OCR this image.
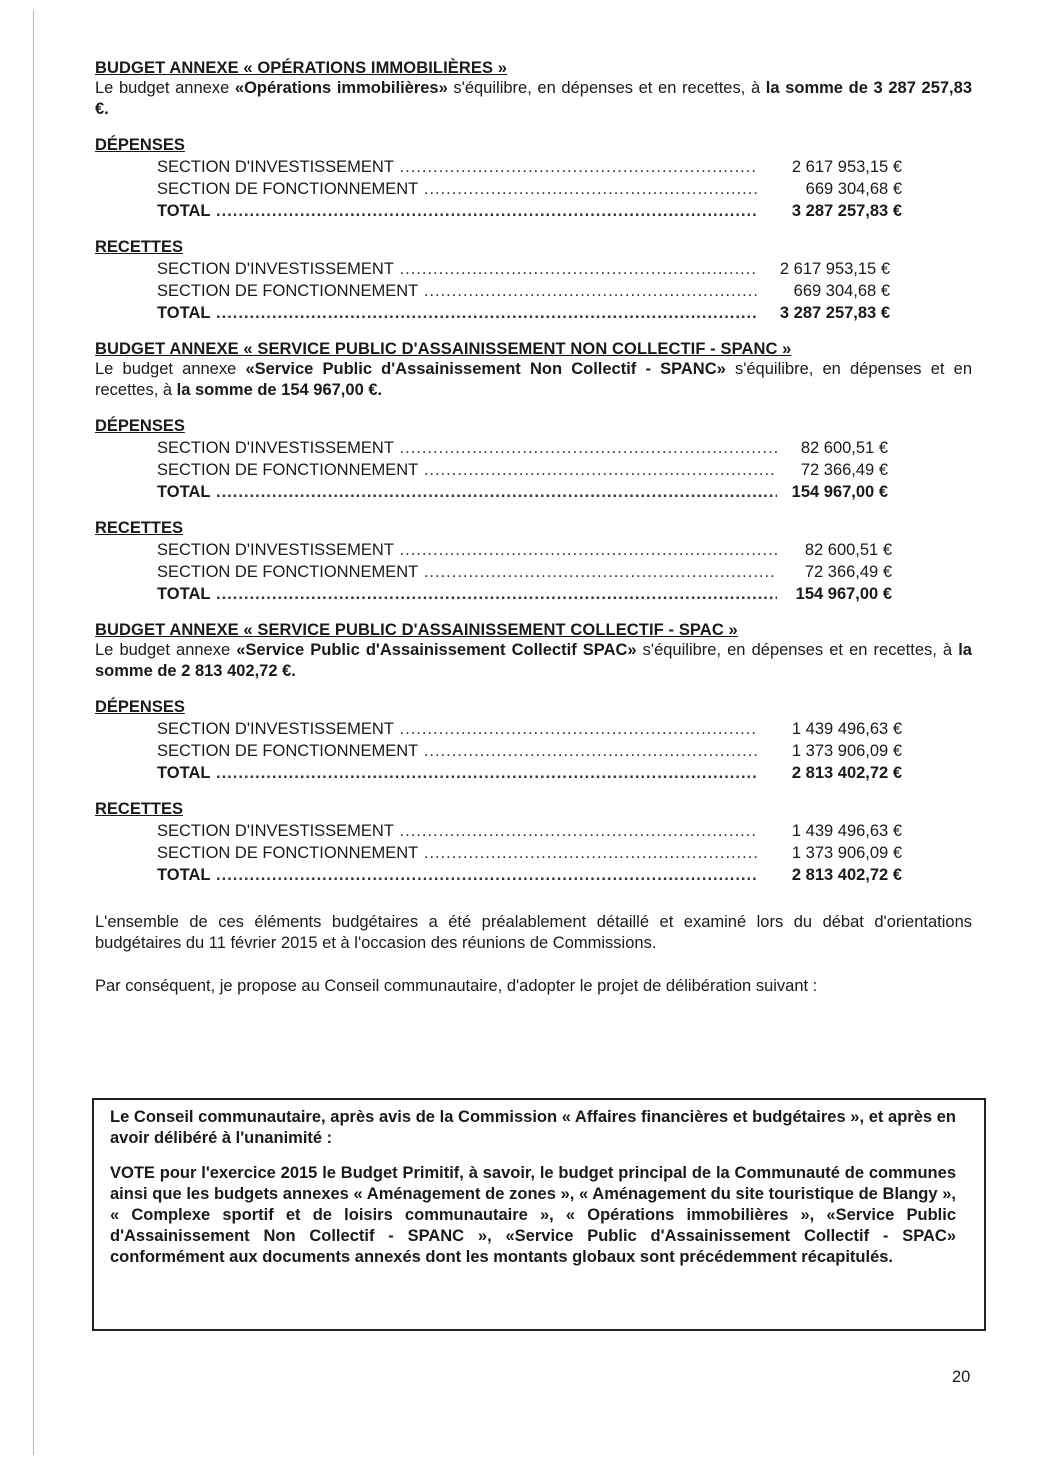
BUDGET ANNEXE « OPÉRATIONS IMMOBILIÈRES »

Le budget annexe «Opérations immobilières» s'équilibre, en dépenses et en recettes, à la somme de 3 287 257,83 €.

DÉPENSES

SECTION D'INVESTISSEMENT .....	2 617 953,15 €
SECTION DE FONCTIONNEMENT .....	669 304,68 €
TOTAL .....	3 287 257,83 €

RECETTES

SECTION D'INVESTISSEMENT .....	2 617 953,15 €
SECTION DE FONCTIONNEMENT .....	669 304,68 €
TOTAL .....	3 287 257,83 €

BUDGET ANNEXE « SERVICE PUBLIC D'ASSAINISSEMENT NON COLLECTIF - SPANC »

Le budget annexe «Service Public d'Assainissement Non Collectif - SPANC» s'équilibre, en dépenses et en recettes, à la somme de 154 967,00 €.

DÉPENSES

SECTION D'INVESTISSEMENT .....	82 600,51 €
SECTION DE FONCTIONNEMENT .....	72 366,49 €
TOTAL .....	154 967,00 €

RECETTES

SECTION D'INVESTISSEMENT .....	82 600,51 €
SECTION DE FONCTIONNEMENT .....	72 366,49 €
TOTAL .....	154 967,00 €

BUDGET ANNEXE « SERVICE PUBLIC D'ASSAINISSEMENT COLLECTIF - SPAC »

Le budget annexe «Service Public d'Assainissement Collectif SPAC» s'équilibre, en dépenses et en recettes, à la somme de 2 813 402,72 €.

DÉPENSES

SECTION D'INVESTISSEMENT .....	1 439 496,63 €
SECTION DE FONCTIONNEMENT .....	1 373 906,09 €
TOTAL .....	2 813 402,72 €

RECETTES

SECTION D'INVESTISSEMENT .....	1 439 496,63 €
SECTION DE FONCTIONNEMENT .....	1 373 906,09 €
TOTAL .....	2 813 402,72 €

L'ensemble de ces éléments budgétaires a été préalablement détaillé et examiné lors du débat d'orientations budgétaires du 11 février 2015 et à l'occasion des réunions de Commissions.

Par conséquent, je propose au Conseil communautaire, d'adopter le projet de délibération suivant :

Le Conseil communautaire, après avis de la Commission « Affaires financières et budgétaires », et après en avoir délibéré à l'unanimité :

VOTE pour l'exercice 2015 le Budget Primitif, à savoir, le budget principal de la Communauté de communes ainsi que les budgets annexes « Aménagement de zones », « Aménagement du site touristique de Blangy », « Complexe sportif et de loisirs communautaire », « Opérations immobilières », «Service Public d'Assainissement Non Collectif - SPANC », «Service Public d'Assainissement Collectif - SPAC» conformément aux documents annexés dont les montants globaux sont précédemment récapitulés.

20
